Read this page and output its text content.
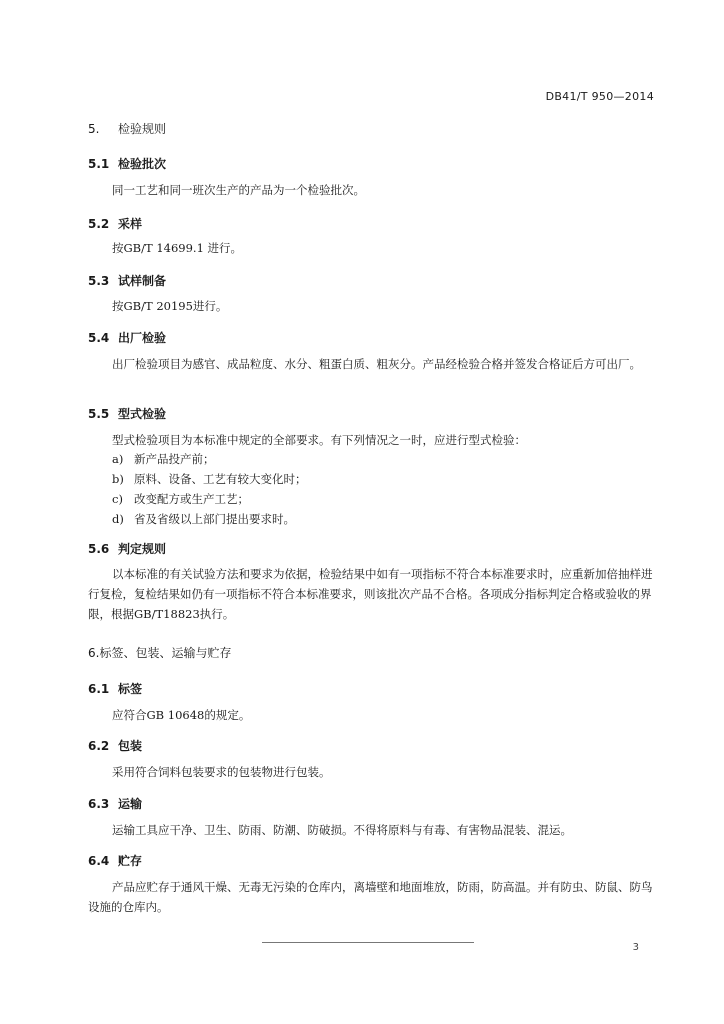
DB41/T 950—2014
5. 检验规则
5.1 检验批次
同一工艺和同一班次生产的产品为一个检验批次。
5.2 采样
按GB/T 14699.1 进行。
5.3 试样制备
按GB/T 20195进行。
5.4 出厂检验
出厂检验项目为感官、成品粒度、水分、粗蛋白质、粗灰分。产品经检验合格并签发合格证后方可出厂。
5.5 型式检验
型式检验项目为本标准中规定的全部要求。有下列情况之一时，应进行型式检验：
a) 新产品投产前；
b) 原料、设备、工艺有较大变化时；
c) 改变配方或生产工艺；
d) 省及省级以上部门提出要求时。
5.6 判定规则
以本标准的有关试验方法和要求为依据，检验结果中如有一项指标不符合本标准要求时，应重新加倍抽样进行复检，复检结果如仍有一项指标不符合本标准要求，则该批次产品不合格。各项成分指标判定合格或验收的界限，根据GB/T18823执行。
6.标签、包装、运输与贮存
6.1 标签
应符合GB 10648的规定。
6.2 包装
采用符合饲料包装要求的包装物进行包装。
6.3 运输
运输工具应干净、卫生、防雨、防潮、防破损。不得将原料与有毒、有害物品混装、混运。
6.4 贮存
产品应贮存于通风干燥、无毒无污染的仓库内，离墙壁和地面堆放，防雨，防高温。并有防虫、防鼠、防鸟设施的仓库内。
3
